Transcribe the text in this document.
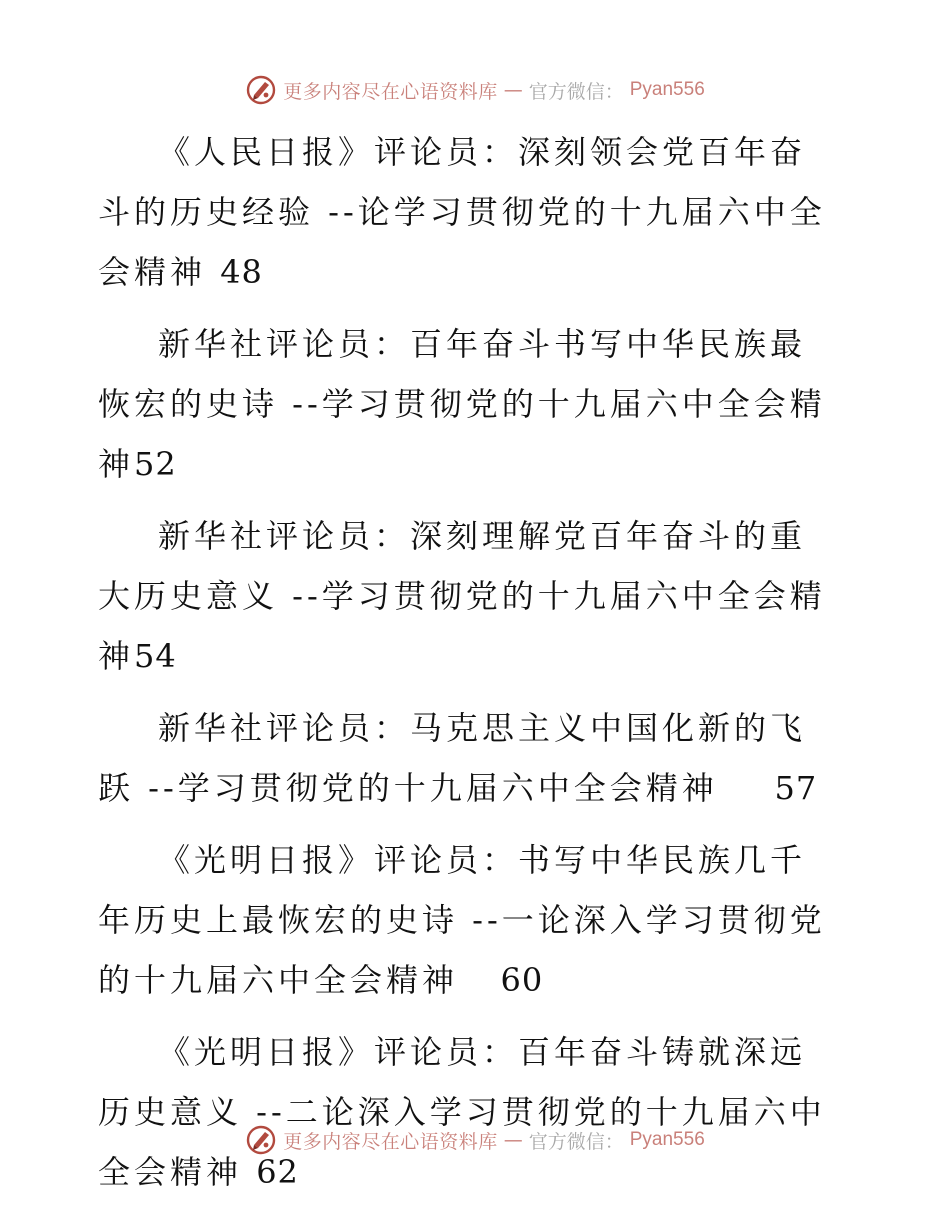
更多内容尽在心语资料库 — 官方微信： Pyan556

《人民日报》评论员：深刻领会党百年奋斗的历史经验 --论学习贯彻党的十九届六中全会精神 48

新华社评论员：百年奋斗书写中华民族最恢宏的史诗 --学习贯彻党的十九届六中全会精神52

新华社评论员：深刻理解党百年奋斗的重大历史意义 --学习贯彻党的十九届六中全会精神54

新华社评论员：马克思主义中国化新的飞跃 --学习贯彻党的十九届六中全会精神 57

《光明日报》评论员：书写中华民族几千年历史上最恢宏的史诗 --一论深入学习贯彻党的十九届六中全会精神 60

《光明日报》评论员：百年奋斗铸就深远历史意义 --二论深入学习贯彻党的十九届六中全会精神 62

更多内容尽在心语资料库 — 官方微信： Pyan556
